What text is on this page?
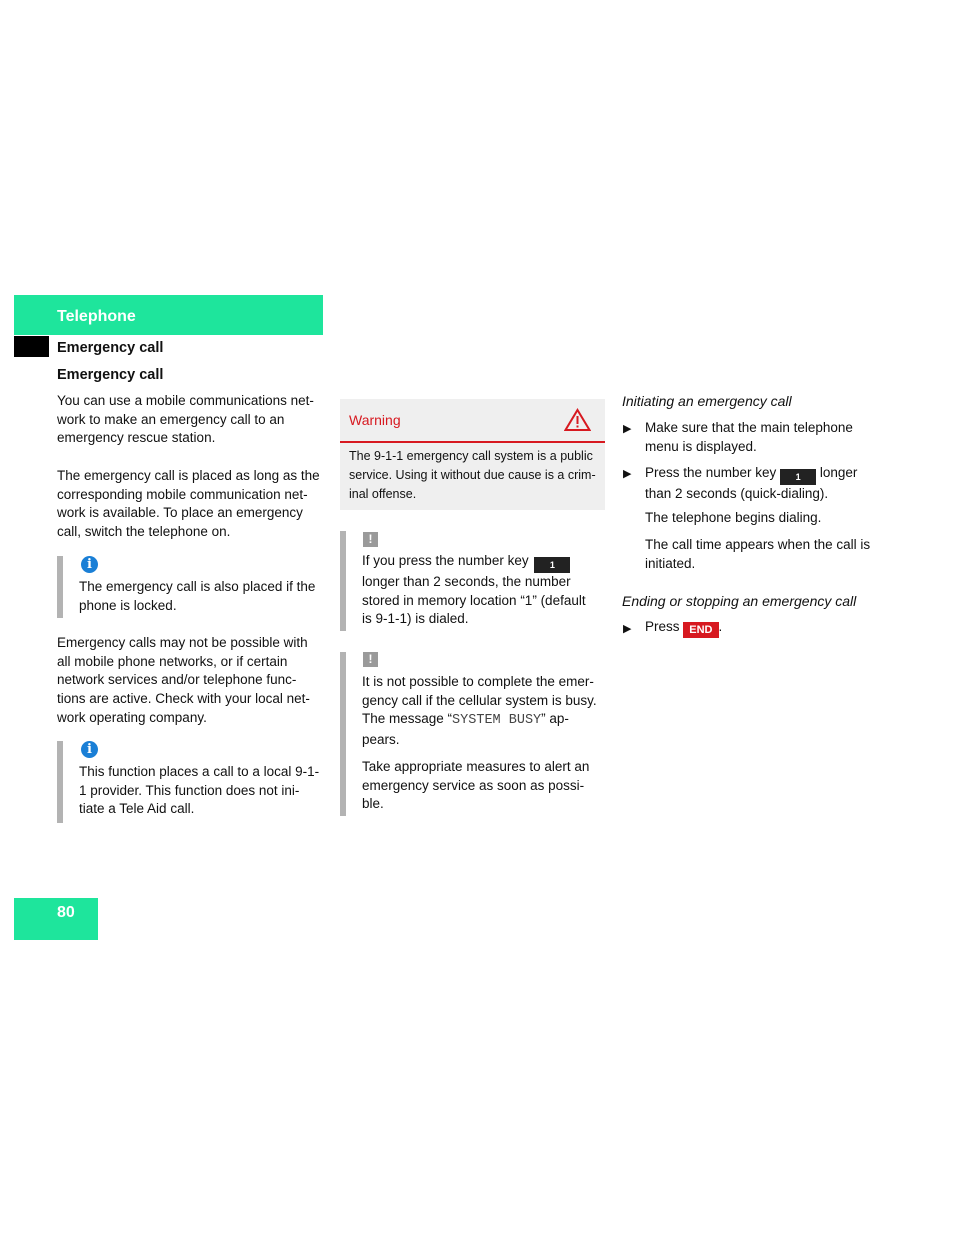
Telephone
Emergency call
Emergency call

You can use a mobile communications net-

work to make an emergency call to an

emergency rescue station.

The emergency call is placed as long as the

corresponding mobile communication net-

work is available. To place an emergency

call, switch the telephone on.

i

The emergency call is also placed if the

phone is locked.

Emergency calls may not be possible with

all mobile phone networks, or if certain

network services and/or telephone func-

tions are active. Check with your local net-

work operating company.

i

This function places a call to a local 9-1-

1 provider. This function does not ini-

tiate a Tele Aid call.

Warning

The 9-1-1 emergency call system is a public

service. Using it without due cause is a crim-

inal offense.

!

If you press the number key 1

longer than 2 seconds, the number

stored in memory location “1” (default

is 9-1-1) is dialed.

!

It is not possible to complete the emer-

gency call if the cellular system is busy.

The message “SYSTEM BUSY” ap-

pears.

Take appropriate measures to alert an

emergency service as soon as possi-

ble.

Initiating an emergency call
▶ Make sure that the main telephone

menu is displayed.

▶ Press the number key 1 longer

than 2 seconds (quick-dialing).

The telephone begins dialing.

The call time appears when the call is

initiated.

Ending or stopping an emergency call
▶ Press END .

80
